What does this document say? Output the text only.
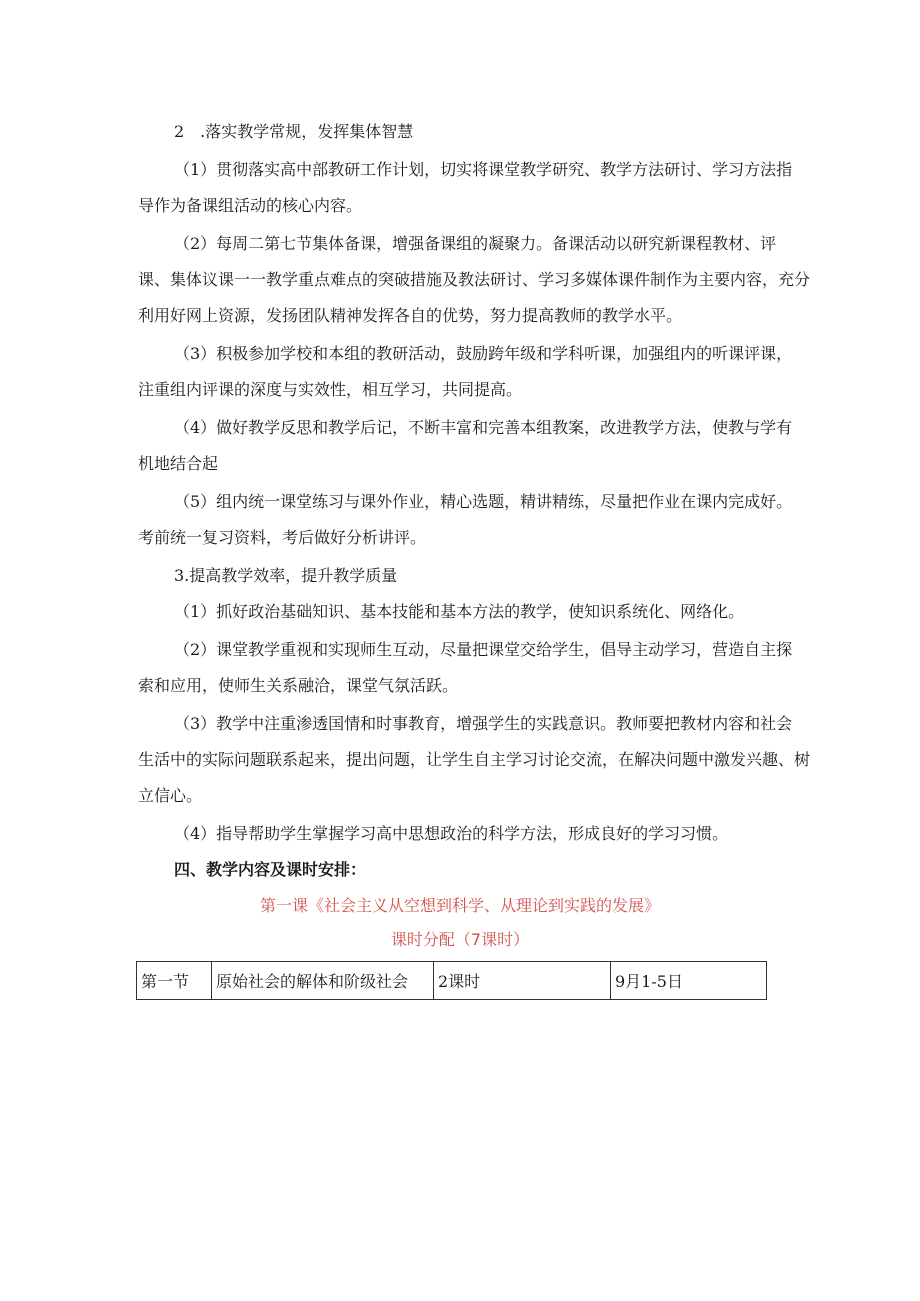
2　.落实教学常规，发挥集体智慧
（1）贯彻落实高中部教研工作计划，切实将课堂教学研究、教学方法研讨、学习方法指
导作为备课组活动的核心内容。
（2）每周二第七节集体备课，增强备课组的凝聚力。备课活动以研究新课程教材、评
课、集体议课一一教学重点难点的突破措施及教法研讨、学习多媒体课件制作为主要内容，充分
利用好网上资源，发扬团队精神发挥各自的优势，努力提高教师的教学水平。
（3）积极参加学校和本组的教研活动，鼓励跨年级和学科听课，加强组内的听课评课，
注重组内评课的深度与实效性，相互学习，共同提高。
（4）做好教学反思和教学后记，不断丰富和完善本组教案，改进教学方法，使教与学有
机地结合起
（5）组内统一课堂练习与课外作业，精心选题，精讲精练，尽量把作业在课内完成好。
考前统一复习资料，考后做好分析讲评。
3.提高教学效率，提升教学质量
（1）抓好政治基础知识、基本技能和基本方法的教学，使知识系统化、网络化。
（2）课堂教学重视和实现师生互动，尽量把课堂交给学生，倡导主动学习，营造自主探
索和应用，使师生关系融洽，课堂气氛活跃。
（3）教学中注重渗透国情和时事教育，增强学生的实践意识。教师要把教材内容和社会
生活中的实际问题联系起来，提出问题，让学生自主学习讨论交流，在解决问题中激发兴趣、树
立信心。
（4）指导帮助学生掌握学习高中思想政治的科学方法，形成良好的学习习惯。
四、教学内容及课时安排：
第一课《社会主义从空想到科学、从理论到实践的发展》
课时分配（7课时）
第一节	原始社会的解体和阶级社会	2课时	9月1-5日
